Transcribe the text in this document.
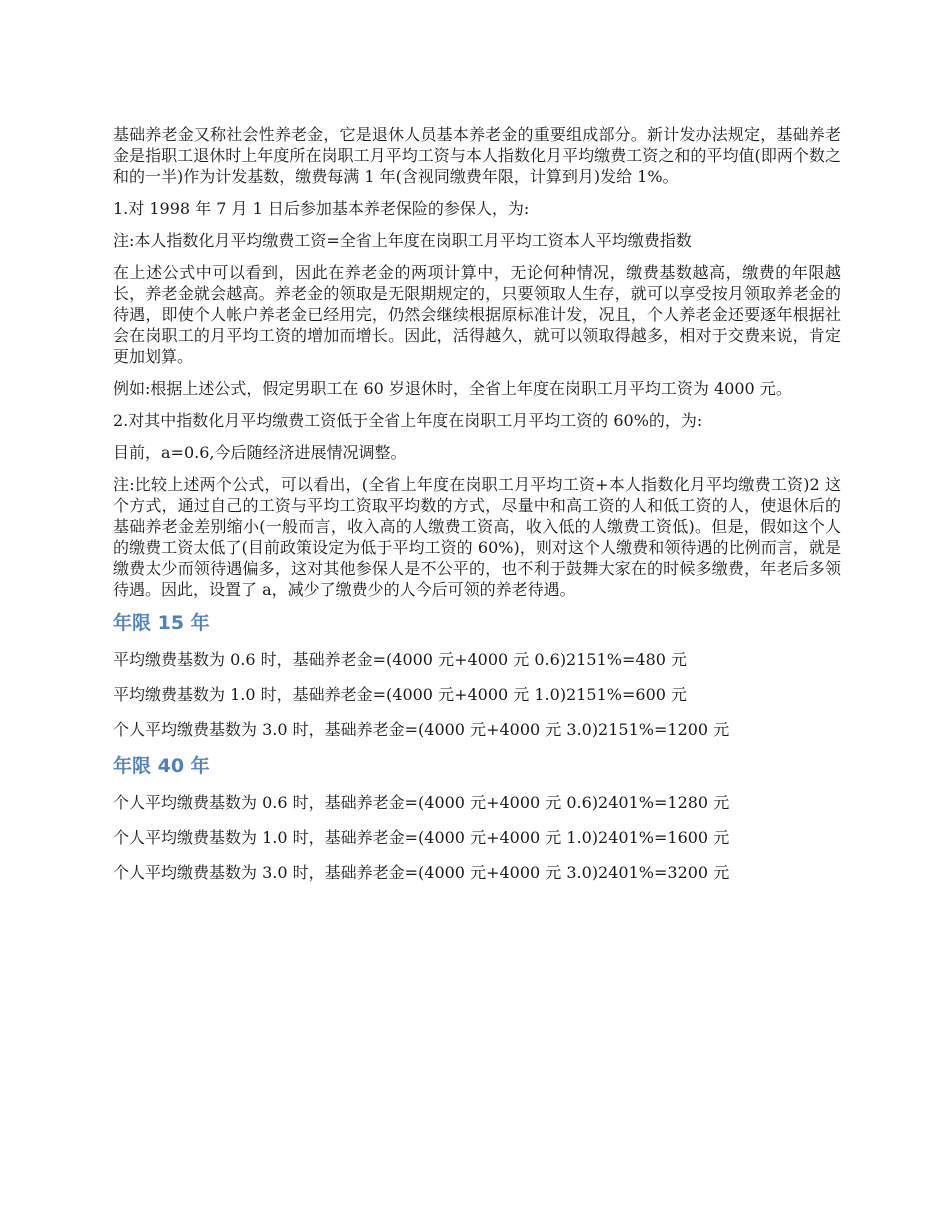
基础养老金又称社会性养老金，它是退休人员基本养老金的重要组成部分。新计发办法规定，基础养老金是指职工退休时上年度所在岗职工月平均工资与本人指数化月平均缴费工资之和的平均值(即两个数之和的一半)作为计发基数，缴费每满 1 年(含视同缴费年限，计算到月)发给 1%。

1.对 1998 年 7 月 1 日后参加基本养老保险的参保人，为:

注:本人指数化月平均缴费工资=全省上年度在岗职工月平均工资本人平均缴费指数

在上述公式中可以看到，因此在养老金的两项计算中，无论何种情况，缴费基数越高，缴费的年限越长，养老金就会越高。养老金的领取是无限期规定的，只要领取人生存，就可以享受按月领取养老金的待遇，即使个人帐户养老金已经用完，仍然会继续根据原标准计发，况且，个人养老金还要逐年根据社会在岗职工的月平均工资的增加而增长。因此，活得越久，就可以领取得越多，相对于交费来说，肯定更加划算。

例如:根据上述公式，假定男职工在 60 岁退休时，全省上年度在岗职工月平均工资为 4000 元。

2.对其中指数化月平均缴费工资低于全省上年度在岗职工月平均工资的 60%的，为:

目前，a=0.6,今后随经济进展情况调整。

注:比较上述两个公式，可以看出，(全省上年度在岗职工月平均工资+本人指数化月平均缴费工资)2 这个方式，通过自己的工资与平均工资取平均数的方式，尽量中和高工资的人和低工资的人，使退休后的基础养老金差别缩小(一般而言，收入高的人缴费工资高，收入低的人缴费工资低)。但是，假如这个人的缴费工资太低了(目前政策设定为低于平均工资的 60%)，则对这个人缴费和领待遇的比例而言，就是缴费太少而领待遇偏多，这对其他参保人是不公平的，也不利于鼓舞大家在的时候多缴费，年老后多领待遇。因此，设置了 a，减少了缴费少的人今后可领的养老待遇。

年限 15 年

平均缴费基数为 0.6 时，基础养老金=(4000 元+4000 元 0.6)2151%=480 元

平均缴费基数为 1.0 时，基础养老金=(4000 元+4000 元 1.0)2151%=600 元

个人平均缴费基数为 3.0 时，基础养老金=(4000 元+4000 元 3.0)2151%=1200 元

年限 40 年

个人平均缴费基数为 0.6 时，基础养老金=(4000 元+4000 元 0.6)2401%=1280 元

个人平均缴费基数为 1.0 时，基础养老金=(4000 元+4000 元 1.0)2401%=1600 元

个人平均缴费基数为 3.0 时，基础养老金=(4000 元+4000 元 3.0)2401%=3200 元
